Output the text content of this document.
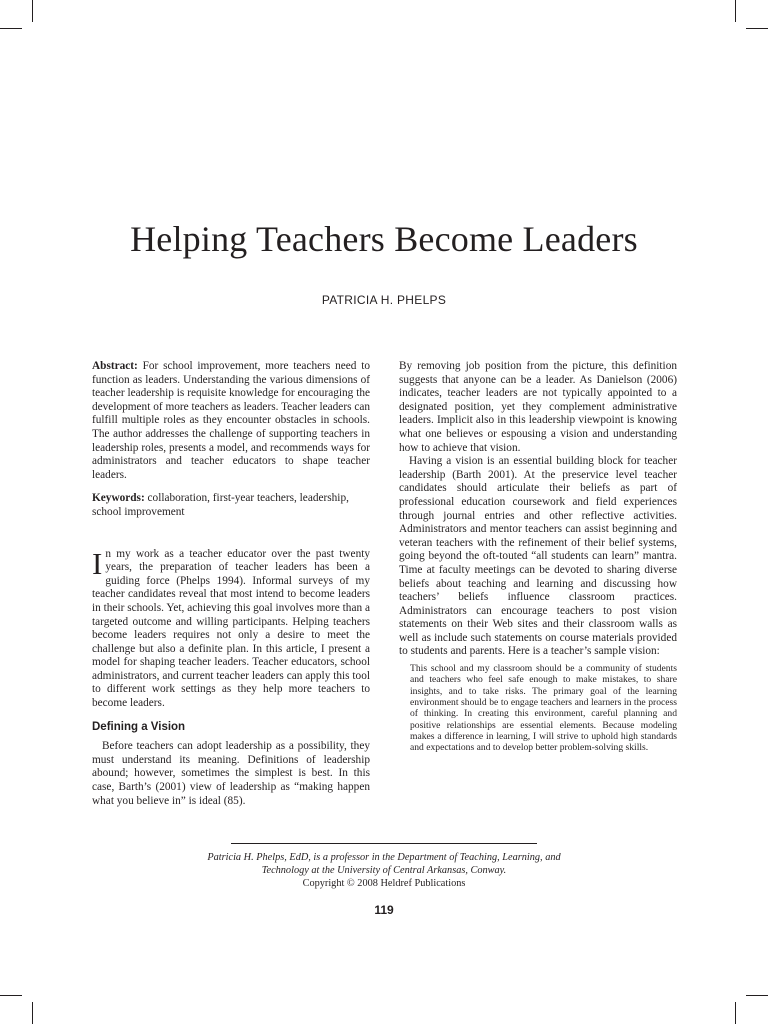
Helping Teachers Become Leaders
PATRICIA H. PHELPS

Abstract: For school improvement, more teachers need to function as leaders. Understanding the various dimensions of teacher leadership is requisite knowledge for encouraging the development of more teachers as leaders. Teacher leaders can fulfill multiple roles as they encounter obstacles in schools. The author addresses the challenge of supporting teachers in leadership roles, presents a model, and recommends ways for administrators and teacher educators to shape teacher leaders.

Keywords: collaboration, first-year teachers, leadership, school improvement

In my work as a teacher educator over the past twenty years, the preparation of teacher leaders has been a guiding force (Phelps 1994). Informal surveys of my teacher candidates reveal that most intend to become leaders in their schools. Yet, achieving this goal involves more than a targeted outcome and willing participants. Helping teachers become leaders requires not only a desire to meet the challenge but also a definite plan. In this article, I present a model for shaping teacher leaders. Teacher educators, school administrators, and current teacher leaders can apply this tool to different work settings as they help more teachers to become leaders.

Defining a Vision

Before teachers can adopt leadership as a possibility, they must understand its meaning. Definitions of leadership abound; however, sometimes the simplest is best. In this case, Barth’s (2001) view of leadership as “making happen what you believe in” is ideal (85).

By removing job position from the picture, this definition suggests that anyone can be a leader. As Danielson (2006) indicates, teacher leaders are not typically appointed to a designated position, yet they complement administrative leaders. Implicit also in this leadership viewpoint is knowing what one believes or espousing a vision and understanding how to achieve that vision.

Having a vision is an essential building block for teacher leadership (Barth 2001). At the preservice level teacher candidates should articulate their beliefs as part of professional education coursework and field experiences through journal entries and other reflective activities. Administrators and mentor teachers can assist beginning and veteran teachers with the refinement of their belief systems, going beyond the oft-touted “all students can learn” mantra. Time at faculty meetings can be devoted to sharing diverse beliefs about teaching and learning and discussing how teachers’ beliefs influence classroom practices. Administrators can encourage teachers to post vision statements on their Web sites and their classroom walls as well as include such statements on course materials provided to students and parents. Here is a teacher’s sample vision:

This school and my classroom should be a community of students and teachers who feel safe enough to make mistakes, to share insights, and to take risks. The primary goal of the learning environment should be to engage teachers and learners in the process of thinking. In creating this environment, careful planning and positive relationships are essential elements. Because modeling makes a difference in learning, I will strive to uphold high standards and expectations and to develop better problem-solving skills.

Patricia H. Phelps, EdD, is a professor in the Department of Teaching, Learning, and
Technology at the University of Central Arkansas, Conway.
Copyright © 2008 Heldref Publications
119
